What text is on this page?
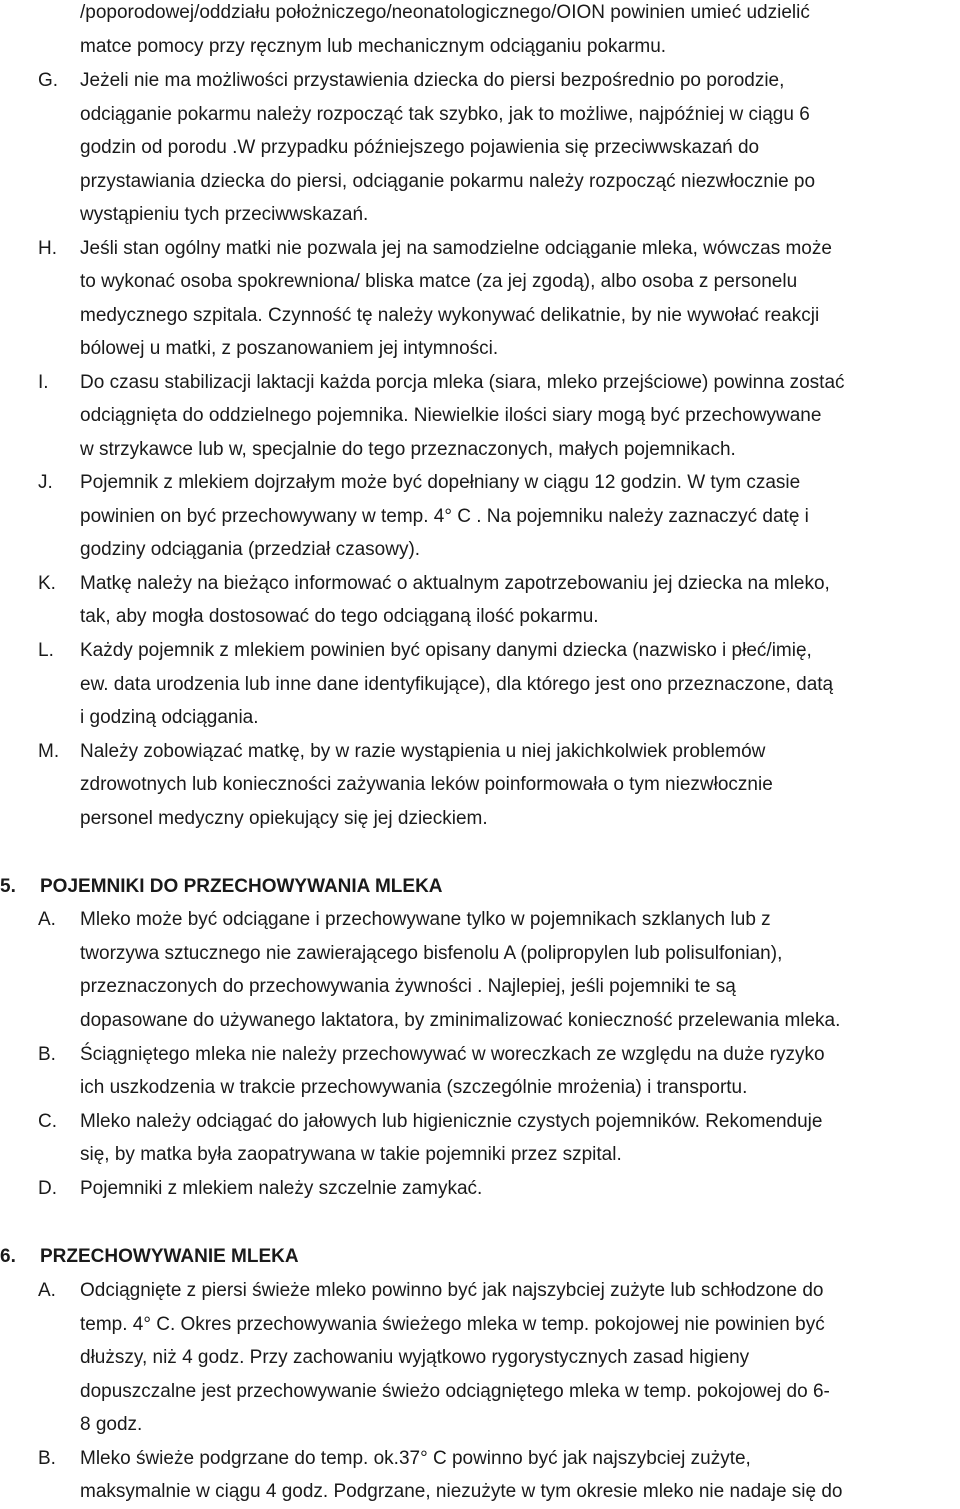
/poporodowej/oddziału położniczego/neonatologicznego/OION powinien umieć udzielić
matce pomocy przy ręcznym lub mechanicznym odciąganiu pokarmu.
G. Jeżeli nie ma możliwości przystawienia dziecka do piersi bezpośrednio po porodzie,
odciąganie pokarmu należy rozpocząć tak szybko, jak to możliwe, najpóźniej w ciągu 6
godzin od porodu .W przypadku późniejszego pojawienia się przeciwwskazań do
przystawiania dziecka do piersi, odciąganie pokarmu należy rozpocząć niezwłocznie po
wystąpieniu tych przeciwwskazań.
H. Jeśli stan ogólny matki nie pozwala jej na samodzielne odciąganie mleka, wówczas może
to wykonać osoba spokrewniona/ bliska matce (za jej zgodą), albo osoba z personelu
medycznego szpitala. Czynność tę należy wykonywać delikatnie, by nie wywołać reakcji
bólowej u matki, z poszanowaniem jej intymności.
I. Do czasu stabilizacji laktacji każda porcja mleka (siara, mleko przejściowe) powinna zostać
odciągnięta do oddzielnego pojemnika. Niewielkie ilości siary mogą być przechowywane
w strzykawce lub w, specjalnie do tego przeznaczonych, małych pojemnikach.
J. Pojemnik z mlekiem dojrzałym może być dopełniany w ciągu 12 godzin. W tym czasie
powinien on być przechowywany w temp. 4° C . Na pojemniku należy zaznaczyć datę i
godziny odciągania (przedział czasowy).
K. Matkę należy na bieżąco informować o aktualnym zapotrzebowaniu jej dziecka na mleko,
tak, aby mogła dostosować do tego odciąganą ilość pokarmu.
L. Każdy pojemnik z mlekiem powinien być opisany danymi dziecka (nazwisko i płeć/imię,
ew. data urodzenia lub inne dane identyfikujące), dla którego jest ono przeznaczone, datą
i godziną odciągania.
M. Należy zobowiązać matkę, by w razie wystąpienia u niej jakichkolwiek problemów
zdrowotnych lub konieczności zażywania leków poinformowała o tym niezwłocznie
personel medyczny opiekujący się jej dzieckiem.
5. POJEMNIKI DO PRZECHOWYWANIA MLEKA
A. Mleko może być odciągane i przechowywane tylko w pojemnikach szklanych lub z
tworzywa sztucznego nie zawierającego bisfenolu A (polipropylen lub polisulfonian),
przeznaczonych do przechowywania żywności . Najlepiej, jeśli pojemniki te są
dopasowane do używanego laktatora, by zminimalizować konieczność przelewania mleka.
B. Ściągniętego mleka nie należy przechowywać w woreczkach ze względu na duże ryzyko
ich uszkodzenia w trakcie przechowywania (szczególnie mrożenia) i transportu.
C. Mleko należy odciągać do jałowych lub higienicznie czystych pojemników. Rekomenduje
się, by matka była zaopatrywana w takie pojemniki przez szpital.
D. Pojemniki z mlekiem należy szczelnie zamykać.
6. PRZECHOWYWANIE MLEKA
A. Odciągnięte z piersi świeże mleko powinno być jak najszybciej zużyte lub schłodzone do
temp. 4° C. Okres przechowywania świeżego mleka w temp. pokojowej nie powinien być
dłuższy, niż 4 godz. Przy zachowaniu wyjątkowo rygorystycznych zasad higieny
dopuszczalne jest przechowywanie świeżo odciągniętego mleka w temp. pokojowej do 6-
8 godz.
B. Mleko świeże podgrzane do temp. ok.37° C powinno być jak najszybciej zużyte,
maksymalnie w ciągu 4 godz. Podgrzane, niezużyte w tym okresie mleko nie nadaje się do
